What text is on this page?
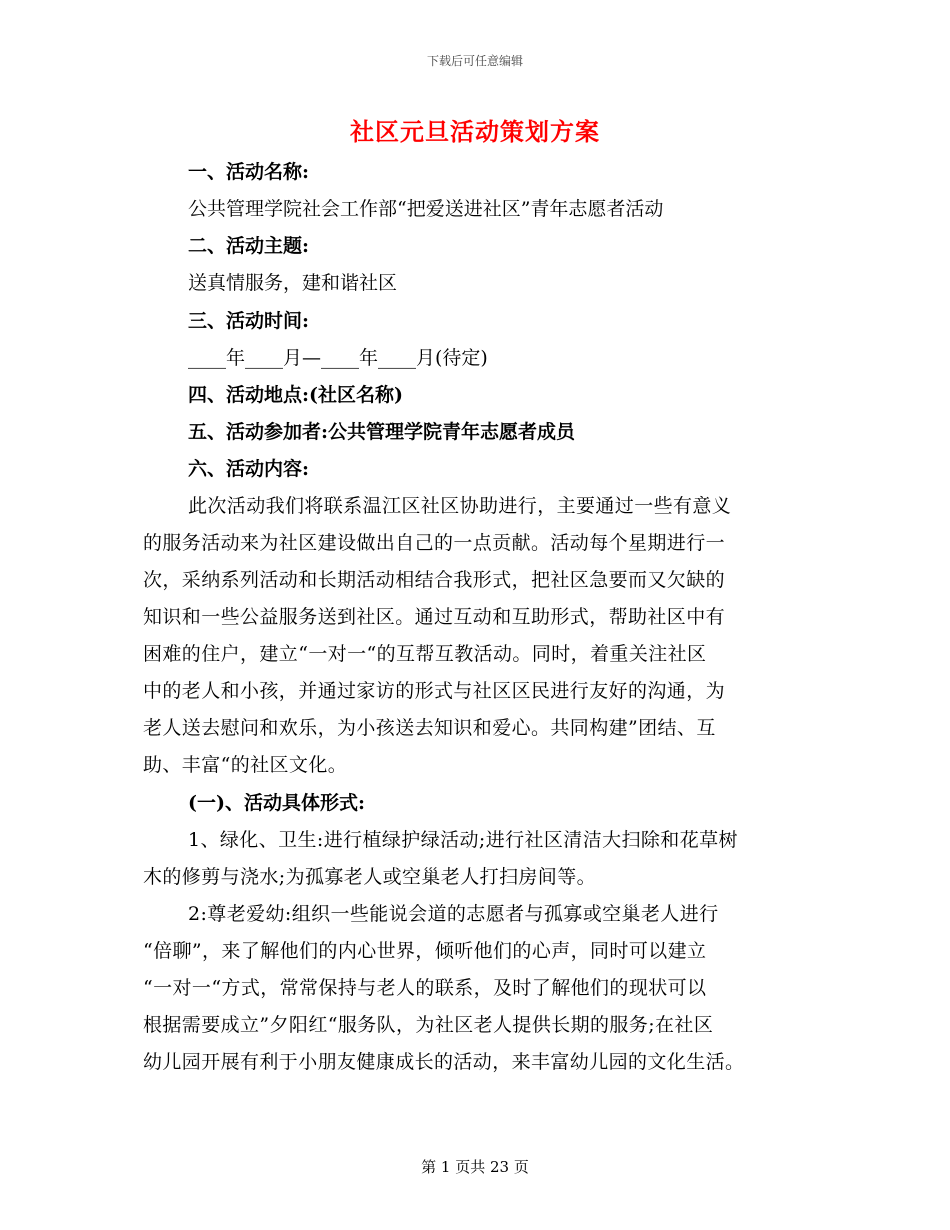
下载后可任意编辑
社区元旦活动策划方案
一、活动名称:
公共管理学院社会工作部“把爱送进社区”青年志愿者活动
二、活动主题:
送真情服务，建和谐社区
三、活动时间:
____年____月—____年____月(待定)
四、活动地点:(社区名称)
五、活动参加者:公共管理学院青年志愿者成员
六、活动内容:
此次活动我们将联系温江区社区协助进行，主要通过一些有意义
的服务活动来为社区建设做出自己的一点贡献。活动每个星期进行一
次，采纳系列活动和长期活动相结合我形式，把社区急要而又欠缺的
知识和一些公益服务送到社区。通过互动和互助形式，帮助社区中有
困难的住户，建立“一对一“的互帮互教活动。同时，着重关注社区
中的老人和小孩，并通过家访的形式与社区区民进行友好的沟通，为
老人送去慰问和欢乐，为小孩送去知识和爱心。共同构建”团结、互
助、丰富“的社区文化。
(一)、活动具体形式:
1、绿化、卫生:进行植绿护绿活动;进行社区清洁大扫除和花草树
木的修剪与浇水;为孤寡老人或空巢老人打扫房间等。
2:尊老爱幼:组织一些能说会道的志愿者与孤寡或空巢老人进行
“倍聊”，来了解他们的内心世界，倾听他们的心声，同时可以建立
“一对一“方式，常常保持与老人的联系，及时了解他们的现状可以
根据需要成立”夕阳红“服务队，为社区老人提供长期的服务;在社区
幼儿园开展有利于小朋友健康成长的活动，来丰富幼儿园的文化生活。
第 1 页共 23 页
